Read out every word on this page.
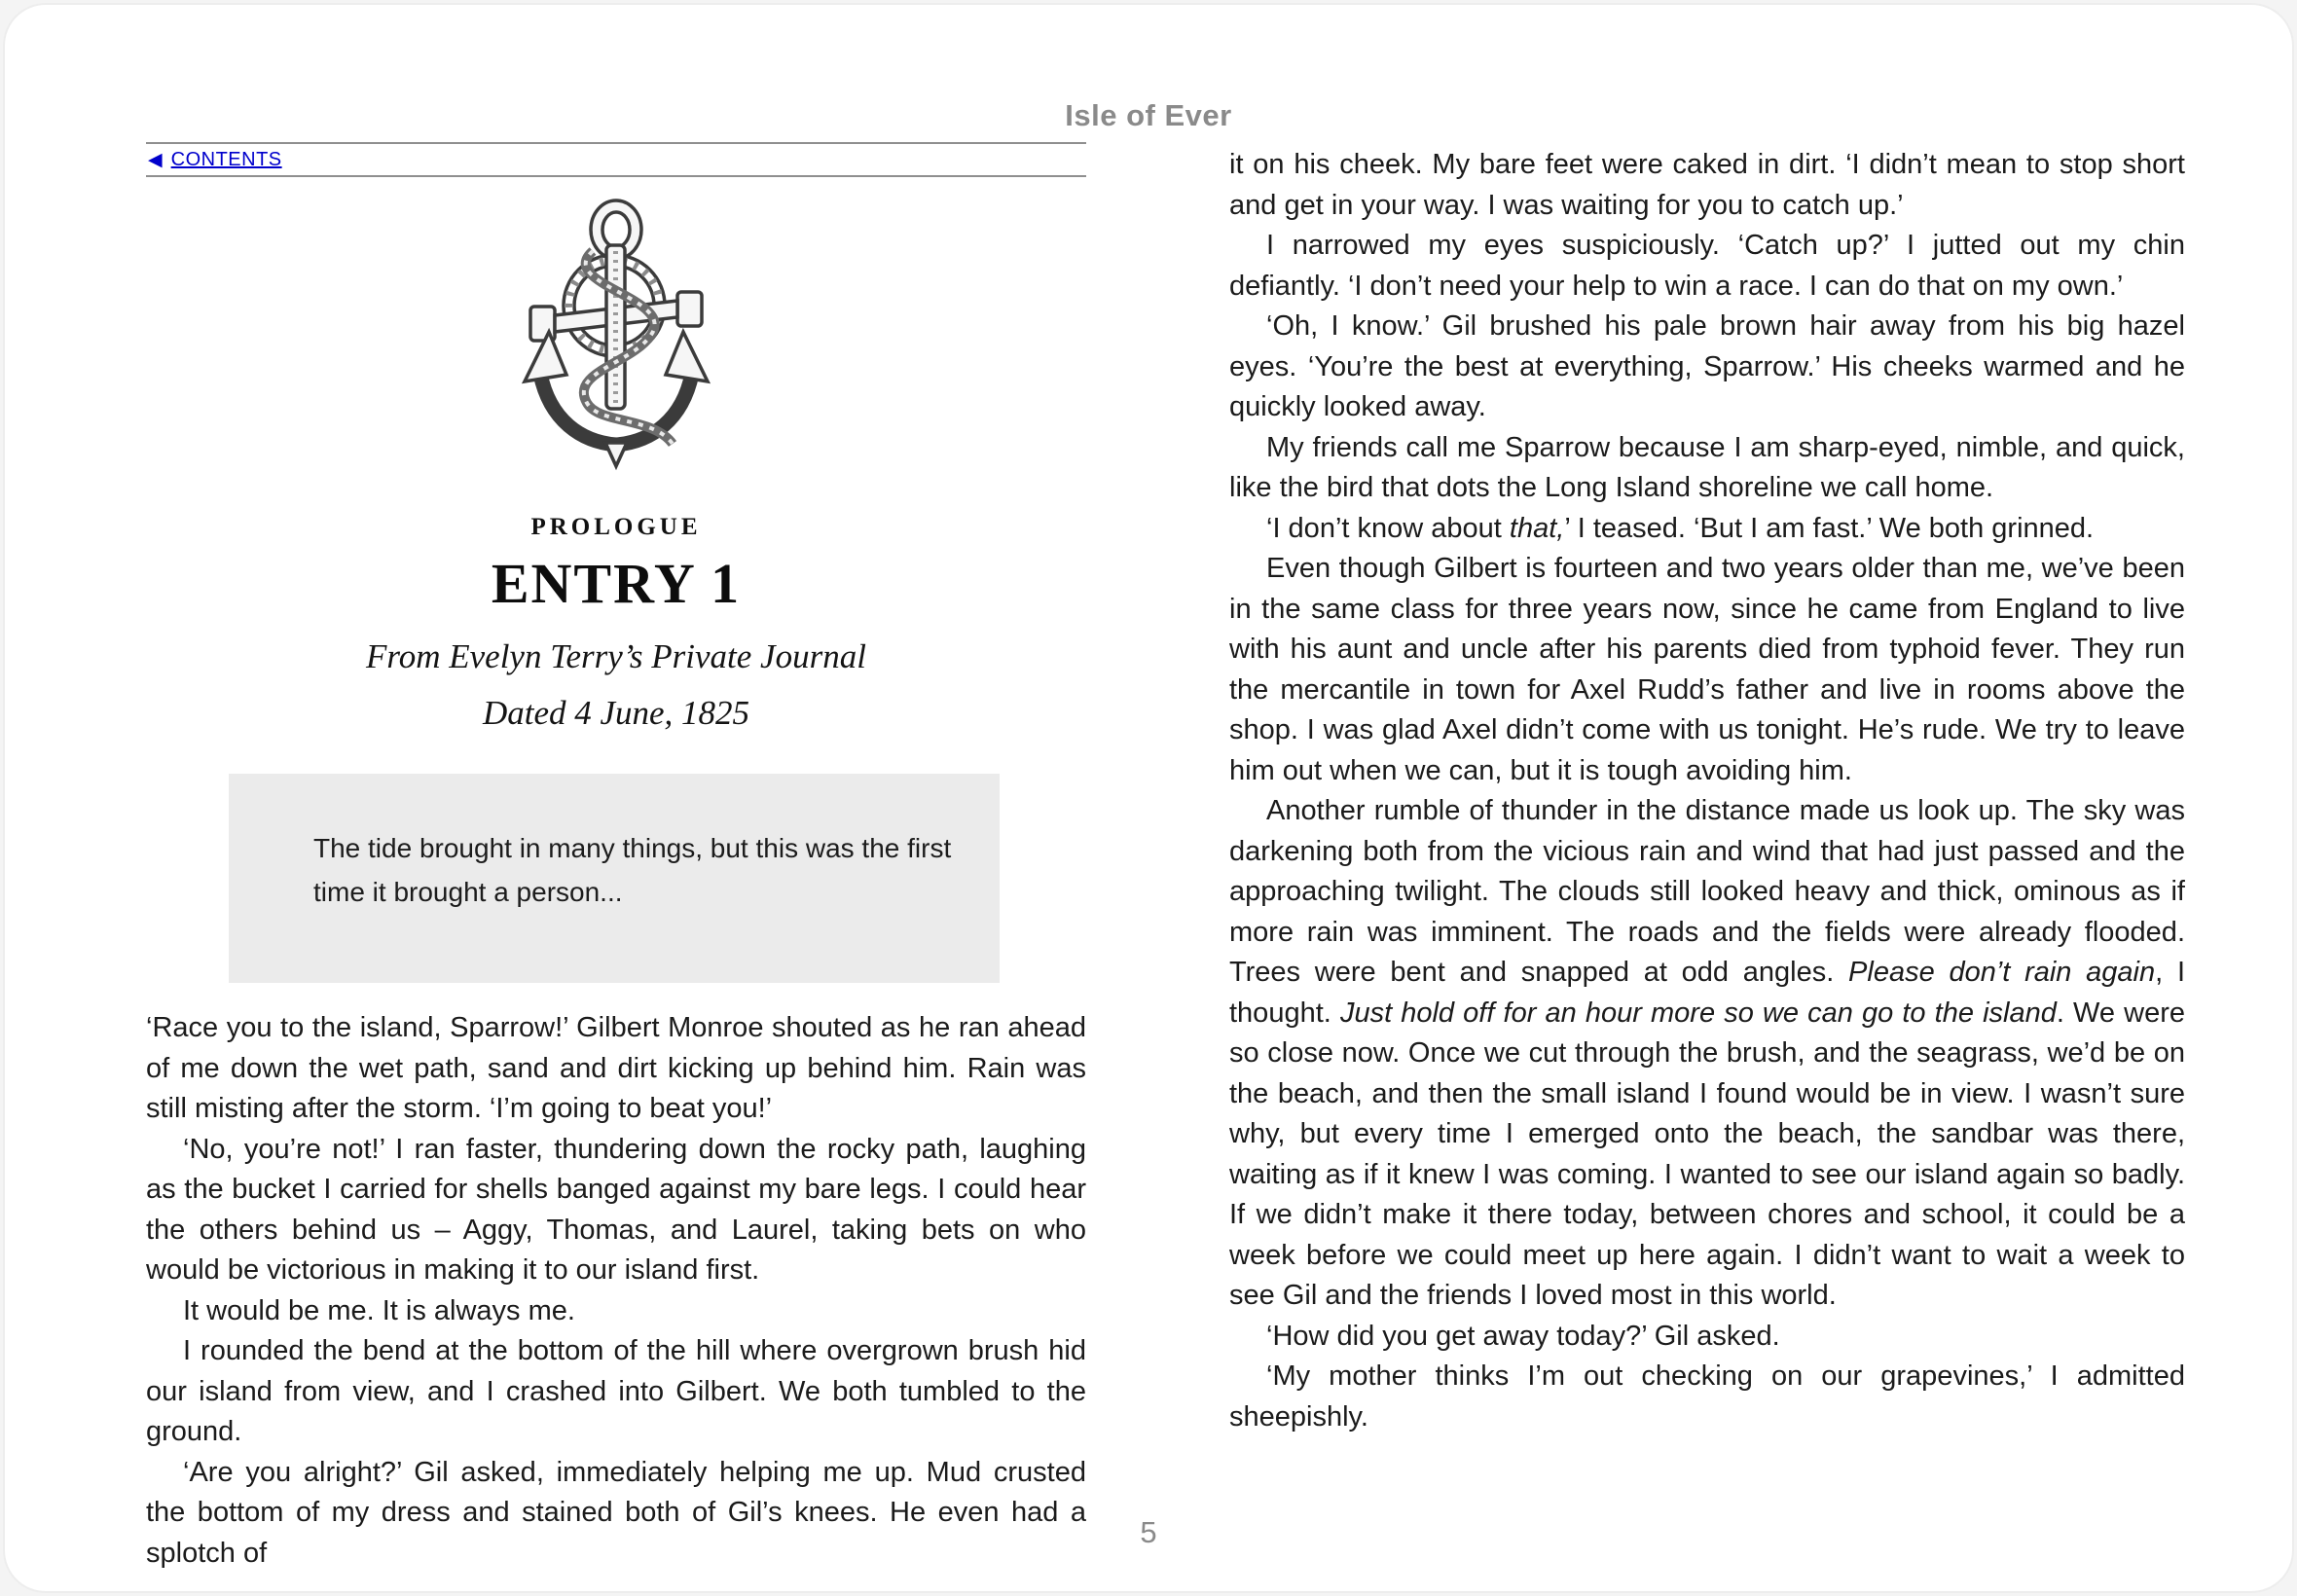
Isle of Ever
◀ CONTENTS
PROLOGUE
ENTRY 1
From Evelyn Terry’s Private Journal
Dated 4 June, 1825
The tide brought in many things, but this was the first time it brought a person...

‘Race you to the island, Sparrow!’ Gilbert Monroe shouted as he ran ahead of me down the wet path, sand and dirt kicking up behind him. Rain was still misting after the storm. ‘I’m going to beat you!’

‘No, you’re not!’ I ran faster, thundering down the rocky path, laughing as the bucket I carried for shells banged against my bare legs. I could hear the others behind us – Aggy, Thomas, and Laurel, taking bets on who would be victorious in making it to our island first.

It would be me. It is always me.

I rounded the bend at the bottom of the hill where overgrown brush hid our island from view, and I crashed into Gilbert. We both tumbled to the ground.

‘Are you alright?’ Gil asked, immediately helping me up. Mud crusted the bottom of my dress and stained both of Gil’s knees. He even had a splotch of

it on his cheek. My bare feet were caked in dirt. ‘I didn’t mean to stop short and get in your way. I was waiting for you to catch up.’

I narrowed my eyes suspiciously. ‘Catch up?’ I jutted out my chin defiantly. ‘I don’t need your help to win a race. I can do that on my own.’

‘Oh, I know.’ Gil brushed his pale brown hair away from his big hazel eyes. ‘You’re the best at everything, Sparrow.’ His cheeks warmed and he quickly looked away.

My friends call me Sparrow because I am sharp-eyed, nimble, and quick, like the bird that dots the Long Island shoreline we call home.

‘I don’t know about that,’ I teased. ‘But I am fast.’ We both grinned.

Even though Gilbert is fourteen and two years older than me, we’ve been in the same class for three years now, since he came from England to live with his aunt and uncle after his parents died from typhoid fever. They run the mercantile in town for Axel Rudd’s father and live in rooms above the shop. I was glad Axel didn’t come with us tonight. He’s rude. We try to leave him out when we can, but it is tough avoiding him.

Another rumble of thunder in the distance made us look up. The sky was darkening both from the vicious rain and wind that had just passed and the approaching twilight. The clouds still looked heavy and thick, ominous as if more rain was imminent. The roads and the fields were already flooded. Trees were bent and snapped at odd angles. Please don’t rain again, I thought. Just hold off for an hour more so we can go to the island. We were so close now. Once we cut through the brush, and the seagrass, we’d be on the beach, and then the small island I found would be in view. I wasn’t sure why, but every time I emerged onto the beach, the sandbar was there, waiting as if it knew I was coming. I wanted to see our island again so badly. If we didn’t make it there today, between chores and school, it could be a week before we could meet up here again. I didn’t want to wait a week to see Gil and the friends I loved most in this world.

‘How did you get away today?’ Gil asked.

‘My mother thinks I’m out checking on our grapevines,’ I admitted sheepishly.

5
